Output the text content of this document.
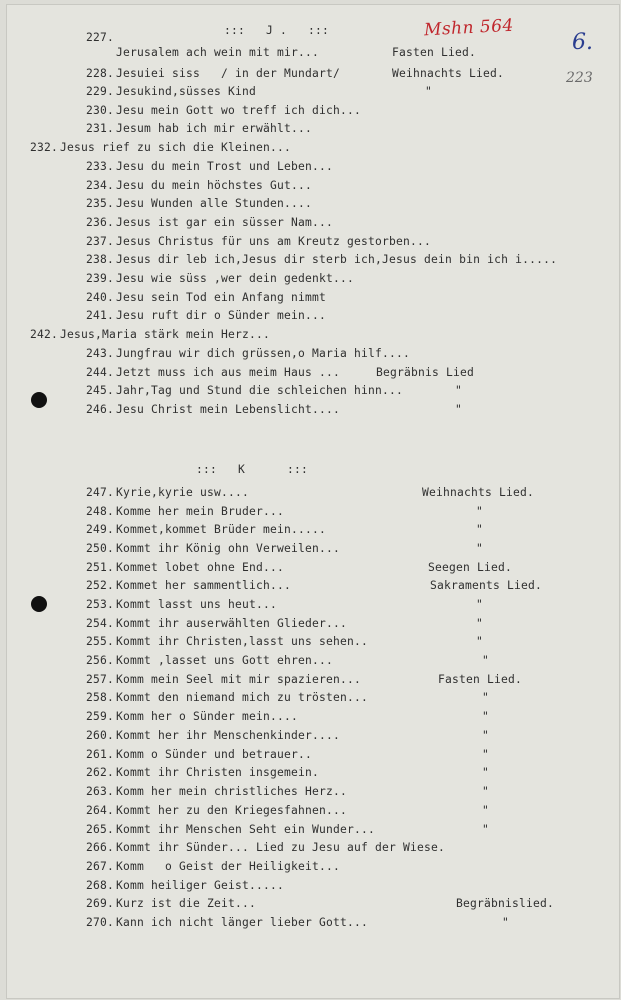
Mshn 564
6.
223
:::   J .   :::
:::   K      :::
227.
Jerusalem ach wein mit mir...	Fasten Lied.
228. Jesuiei siss   / in der Mundart/	Weihnachts Lied.
229. Jesukind,süsses Kind	"
230. Jesu mein Gott wo treff ich dich...
231. Jesum hab ich mir erwählt...
232. Jesus rief zu sich die Kleinen...
233. Jesu du mein Trost und Leben...
234. Jesu du mein höchstes Gut...
235. Jesu Wunden alle Stunden....
236. Jesus ist gar ein süsser Nam...
237. Jesus Christus für uns am Kreutz gestorben...
238. Jesus dir leb ich,Jesus dir sterb ich,Jesus dein bin ich i.....
239. Jesu wie süss ,wer dein gedenkt...
240. Jesu sein Tod ein Anfang nimmt
241. Jesu ruft dir o Sünder mein...
242. Jesus,Maria stärk mein Herz...
243. Jungfrau wir dich grüssen,o Maria hilf....
244. Jetzt muss ich aus meim Haus ...	Begräbnis Lied
245. Jahr,Tag und Stund die schleichen hinn...	"
246. Jesu Christ mein Lebenslicht....	"
247. Kyrie,kyrie usw....	Weihnachts Lied.
248. Komme her mein Bruder...	"
249. Kommet,kommet Brüder mein.....	"
250. Kommt ihr König ohn Verweilen...	"
251. Kommet lobet ohne End...	Seegen Lied.
252. Kommet her sammentlich...	Sakraments Lied.
253. Kommt lasst uns heut...	"
254. Kommt ihr auserwählten Glieder...	"
255. Kommt ihr Christen,lasst uns sehen..	"
256. Kommt ,lasset uns Gott ehren...	"
257. Komm mein Seel mit mir spazieren...	Fasten Lied.
258. Kommt den niemand mich zu trösten...	"
259. Komm her o Sünder mein....	"
260. Kommt her ihr Menschenkinder....	"
261. Komm o Sünder und betrauer..	"
262. Kommt ihr Christen insgemein.	"
263. Komm her mein christliches Herz..	"
264. Kommt her zu den Kriegesfahnen...	"
265. Kommt ihr Menschen Seht ein Wunder...	"
266. Kommt ihr Sünder... Lied zu Jesu auf der Wiese.
267. Komm   o Geist der Heiligkeit...
268. Komm heiliger Geist.....
269. Kurz ist die Zeit...	Begräbnislied.
270. Kann ich nicht länger lieber Gott...	"
